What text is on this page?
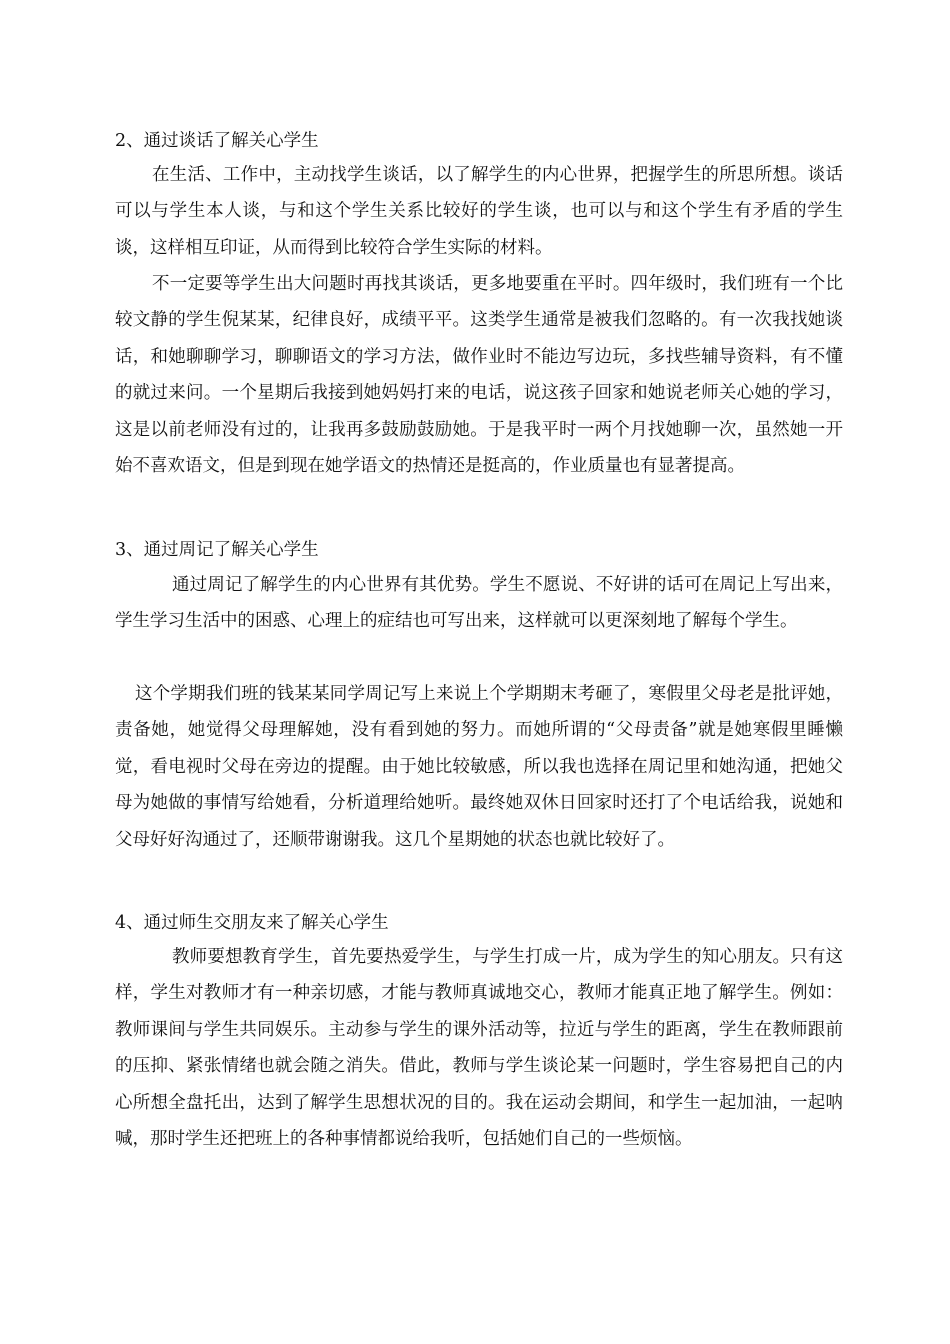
2、通过谈话了解关心学生

在生活、工作中，主动找学生谈话，以了解学生的内心世界，把握学生的所思所想。谈话可以与学生本人谈，与和这个学生关系比较好的学生谈，也可以与和这个学生有矛盾的学生谈，这样相互印证，从而得到比较符合学生实际的材料。

不一定要等学生出大问题时再找其谈话，更多地要重在平时。四年级时，我们班有一个比较文静的学生倪某某，纪律良好，成绩平平。这类学生通常是被我们忽略的。有一次我找她谈话，和她聊聊学习，聊聊语文的学习方法，做作业时不能边写边玩，多找些辅导资料，有不懂的就过来问。一个星期后我接到她妈妈打来的电话，说这孩子回家和她说老师关心她的学习，这是以前老师没有过的，让我再多鼓励鼓励她。于是我平时一两个月找她聊一次，虽然她一开始不喜欢语文，但是到现在她学语文的热情还是挺高的，作业质量也有显著提高。

3、通过周记了解关心学生

通过周记了解学生的内心世界有其优势。学生不愿说、不好讲的话可在周记上写出来，学生学习生活中的困惑、心理上的症结也可写出来，这样就可以更深刻地了解每个学生。

这个学期我们班的钱某某同学周记写上来说上个学期期末考砸了，寒假里父母老是批评她，责备她，她觉得父母理解她，没有看到她的努力。而她所谓的“父母责备”就是她寒假里睡懒觉，看电视时父母在旁边的提醒。由于她比较敏感，所以我也选择在周记里和她沟通，把她父母为她做的事情写给她看，分析道理给她听。最终她双休日回家时还打了个电话给我，说她和父母好好沟通过了，还顺带谢谢我。这几个星期她的状态也就比较好了。

4、通过师生交朋友来了解关心学生

教师要想教育学生，首先要热爱学生，与学生打成一片，成为学生的知心朋友。只有这样，学生对教师才有一种亲切感，才能与教师真诚地交心，教师才能真正地了解学生。例如：教师课间与学生共同娱乐。主动参与学生的课外活动等，拉近与学生的距离，学生在教师跟前的压抑、紧张情绪也就会随之消失。借此，教师与学生谈论某一问题时，学生容易把自己的内心所想全盘托出，达到了解学生思想状况的目的。我在运动会期间，和学生一起加油，一起呐喊，那时学生还把班上的各种事情都说给我听，包括她们自己的一些烦恼。
